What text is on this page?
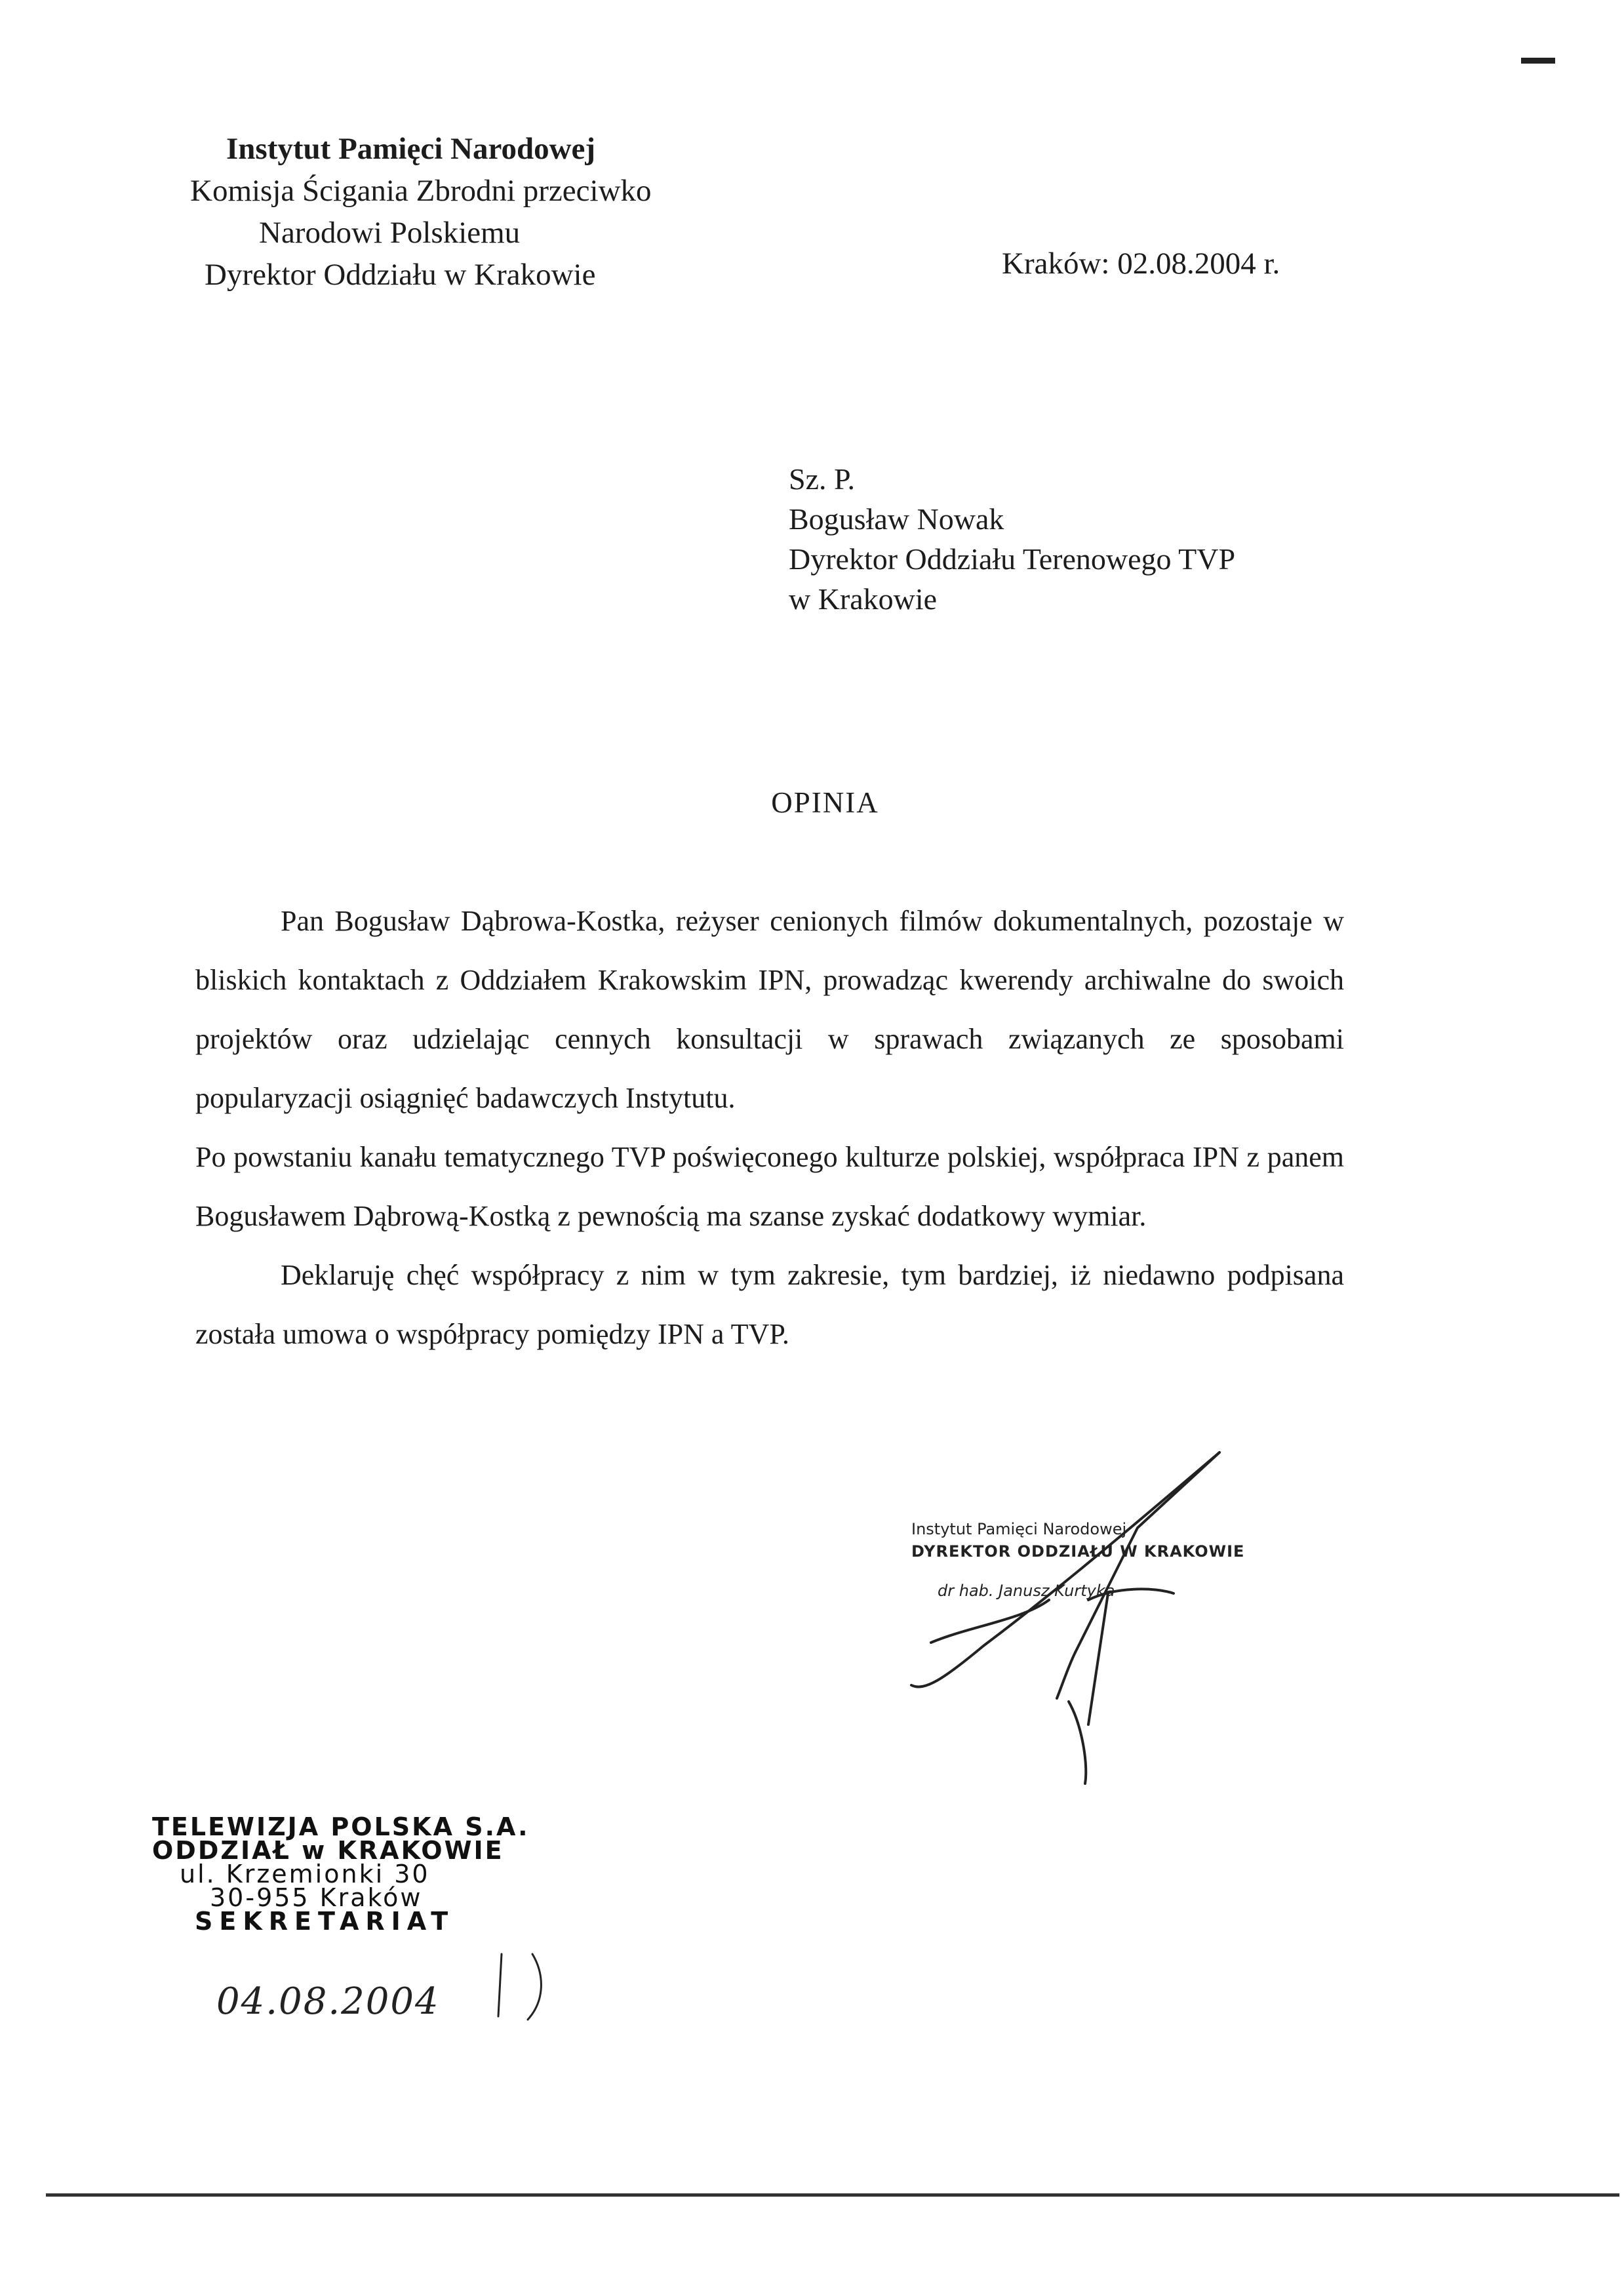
Instytut Pamięci Narodowej
Komisja Ścigania Zbrodni przeciwko
Narodowi Polskiemu
Dyrektor Oddziału w Krakowie	Kraków: 02.08.2004 r.
Sz. P.
Bogusław Nowak
Dyrektor Oddziału Terenowego TVP
w Krakowie
OPINIA

Pan Bogusław Dąbrowa-Kostka, reżyser cenionych filmów dokumentalnych, pozostaje w bliskich kontaktach z Oddziałem Krakowskim IPN, prowadząc kwerendy archiwalne do swoich projektów oraz udzielając cennych konsultacji w sprawach związanych ze sposobami popularyzacji osiągnięć badawczych Instytutu.

Po powstaniu kanału tematycznego TVP poświęconego kulturze polskiej, współpraca IPN z panem Bogusławem Dąbrową-Kostką z pewnością ma szanse zyskać dodatkowy wymiar.

Deklaruję chęć współpracy z nim w tym zakresie, tym bardziej, iż niedawno podpisana została umowa o współpracy pomiędzy IPN a TVP.

Instytut Pamięci Narodowej
DYREKTOR ODDZIAŁU W KRAKOWIE
dr hab. Janusz Kurtyka
TELEWIZJA POLSKA S.A.
ODDZIAŁ w KRAKOWIE
ul. Krzemionki 30
30-955 Kraków
SEKRETARIAT
04.08.2004
